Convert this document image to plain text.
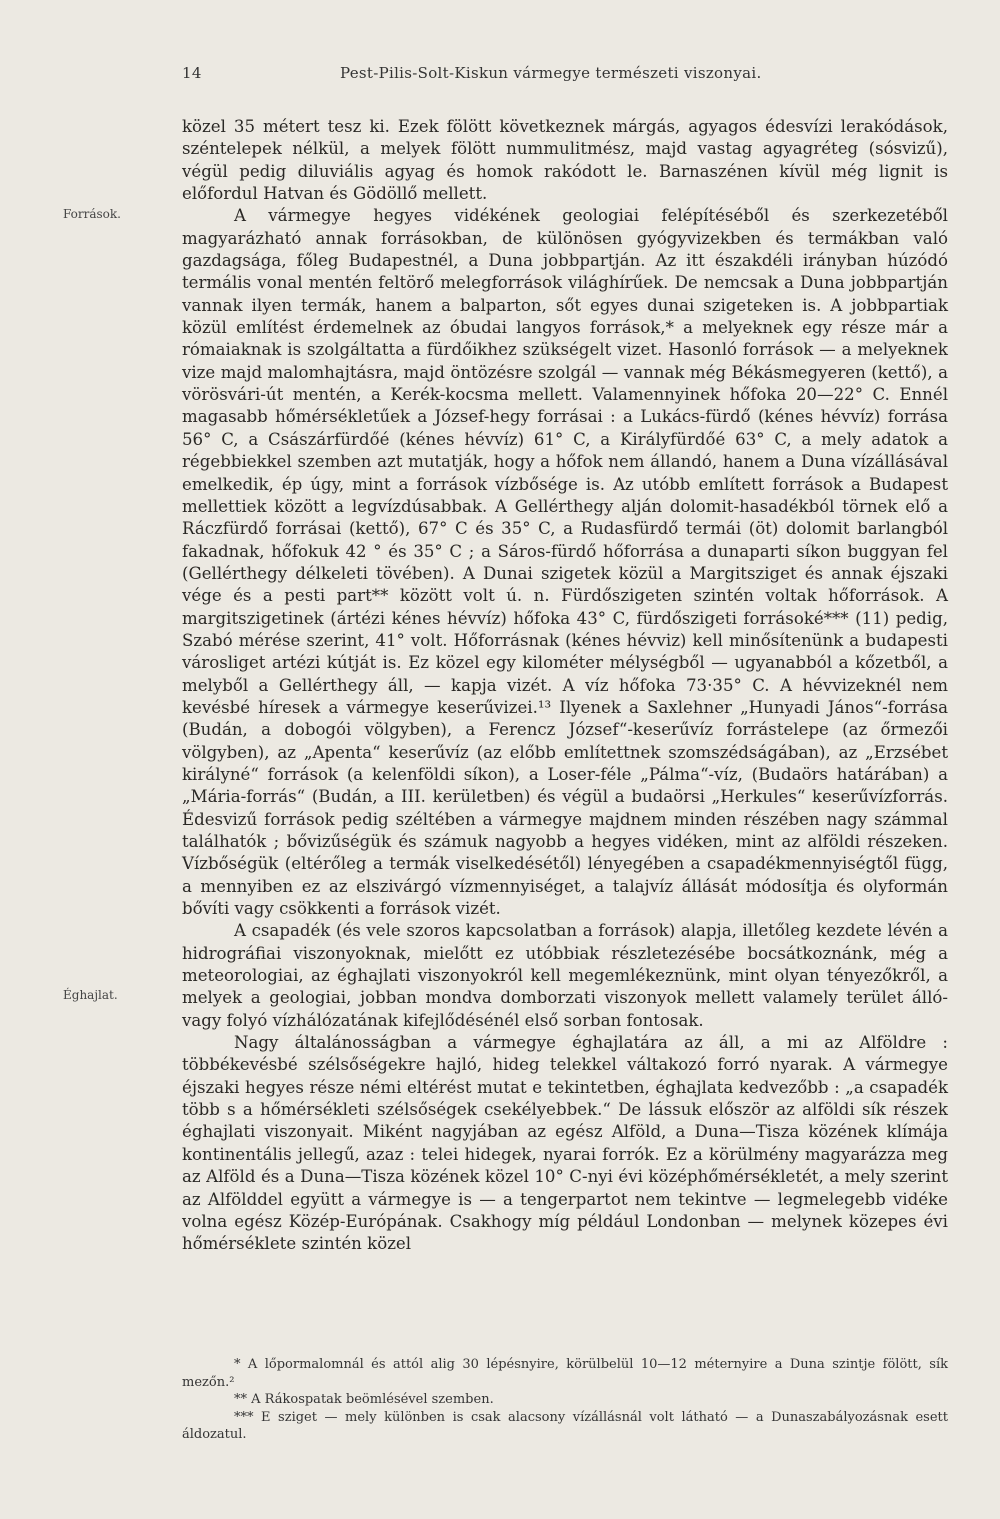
14	Pest-Pilis-Solt-Kiskun vármegye természeti viszonyai.
Források.
Éghajlat.

közel 35 métert tesz ki. Ezek fölött következnek márgás, agyagos édesvízi lerakódások, széntelepek nélkül, a melyek fölött nummulitmész, majd vastag agyagréteg (sósvizű), végül pedig diluviális agyag és homok rakódott le. Barnaszénen kívül még lignit is előfordul Hatvan és Gödöllő mellett.

A vármegye hegyes vidékének geologiai felépítéséből és szerkezetéből magyarázható annak forrásokban, de különösen gyógyvizekben és termákban való gazdagsága, főleg Budapestnél, a Duna jobbpartján. Az itt északdéli irányban húzódó termális vonal mentén feltörő melegforrások világhírűek. De nemcsak a Duna jobbpartján vannak ilyen termák, hanem a balparton, sőt egyes dunai szigeteken is. A jobbpartiak közül említést érdemelnek az óbudai langyos források,* a melyeknek egy része már a rómaiaknak is szolgáltatta a fürdőikhez szükségelt vizet. Hasonló források — a melyeknek vize majd malomhajtásra, majd öntözésre szolgál — vannak még Békásmegyeren (kettő), a vörösvári-út mentén, a Kerék-kocsma mellett. Valamennyinek hőfoka 20—22° C. Ennél magasabb hőmérsékletűek a József-hegy forrásai : a Lukács-fürdő (kénes hévvíz) forrása 56° C, a Császárfürdőé (kénes hévvíz) 61° C, a Királyfürdőé 63° C, a mely adatok a régebbiekkel szemben azt mutatják, hogy a hőfok nem állandó, hanem a Duna vízállásával emelkedik, ép úgy, mint a források vízbősége is. Az utóbb említett források a Budapest mellettiek között a legvízdúsabbak. A Gellérthegy alján dolomit-hasadékból törnek elő a Ráczfürdő forrásai (kettő), 67° C és 35° C, a Rudasfürdő termái (öt) dolomit barlangból fakadnak, hőfokuk 42 ° és 35° C ; a Sáros-fürdő hőforrása a dunaparti síkon buggyan fel (Gellérthegy délkeleti tövében). A Dunai szigetek közül a Margitsziget és annak éjszaki vége és a pesti part** között volt ú. n. Fürdőszigeten szintén voltak hőforrások. A margitszigetinek (ártézi kénes hévvíz) hőfoka 43° C, fürdőszigeti forrásoké*** (11) pedig, Szabó mérése szerint, 41° volt. Hőforrásnak (kénes hévviz) kell minősítenünk a budapesti városliget artézi kútját is. Ez közel egy kilométer mélységből — ugyanabból a kőzetből, a melyből a Gellérthegy áll, — kapja vizét. A víz hőfoka 73·35° C. A hévvizeknél nem kevésbé híresek a vármegye keserűvizei.¹³ Ilyenek a Saxlehner „Hunyadi János“-forrása (Budán, a dobogói völgyben), a Ferencz József“-keserűvíz forrástelepe (az őrmezői völgyben), az „Apenta“ keserűvíz (az előbb említettnek szomszédságában), az „Erzsébet királyné“ források (a kelenföldi síkon), a Loser-féle „Pálma“-víz, (Budaörs határában) a „Mária-forrás“ (Budán, a III. kerületben) és végül a budaörsi „Herkules“ keserűvízforrás. Édesvizű források pedig széltében a vármegye majdnem minden részében nagy számmal találhatók ; bővizűségük és számuk nagyobb a hegyes vidéken, mint az alföldi részeken. Vízbőségük (eltérőleg a termák viselkedésétől) lényegében a csapadékmennyiségtől függ, a mennyiben ez az elszivárgó vízmennyiséget, a talajvíz állását módosítja és olyformán bővíti vagy csökkenti a források vizét.

A csapadék (és vele szoros kapcsolatban a források) alapja, illetőleg kezdete lévén a hidrográfiai viszonyoknak, mielőtt ez utóbbiak részletezésébe bocsátkoznánk, még a meteorologiai, az éghajlati viszonyokról kell megemlékeznünk, mint olyan tényezőkről, a melyek a geologiai, jobban mondva domborzati viszonyok mellett valamely terület álló- vagy folyó vízhálózatának kifejlődésénél első sorban fontosak.

Nagy általánosságban a vármegye éghajlatára az áll, a mi az Alföldre : többékevésbé szélsőségekre hajló, hideg telekkel váltakozó forró nyarak. A vármegye éjszaki hegyes része némi eltérést mutat e tekintetben, éghajlata kedvezőbb : „a csapadék több s a hőmérsékleti szélsőségek csekélyebbek.“ De lássuk először az alföldi sík részek éghajlati viszonyait. Miként nagyjában az egész Alföld, a Duna—Tisza közének klímája kontinentális jellegű, azaz : telei hidegek, nyarai forrók. Ez a körülmény magyarázza meg az Alföld és a Duna—Tisza közének közel 10° C-nyi évi középhőmérsékletét, a mely szerint az Alfölddel együtt a vármegye is — a tengerpartot nem tekintve — legmelegebb vidéke volna egész Közép-Európának. Csakhogy míg például Londonban — melynek közepes évi hőmérséklete szintén közel

* A lőpormalomnál és attól alig 30 lépésnyire, körülbelül 10—12 méternyire a Duna szintje fölött, sík mezőn.²

** A Rákospatak beömlésével szemben.

*** E sziget — mely különben is csak alacsony vízállásnál volt látható — a Dunaszabályozásnak esett áldozatul.
